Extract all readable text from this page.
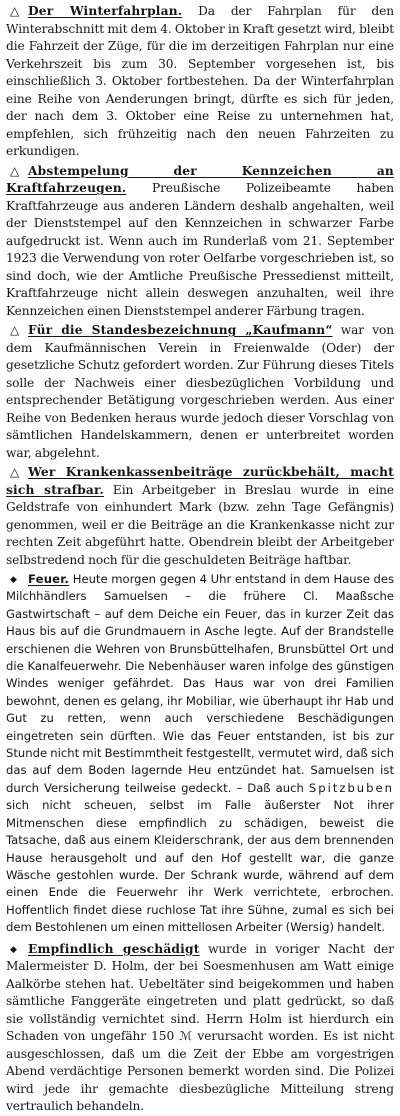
△Der Winterfahrplan. Da der Fahrplan für den Winterabschnitt mit dem 4. Oktober in Kraft gesetzt wird, bleibt die Fahrzeit der Züge, für die im derzeitigen Fahrplan nur eine Verkehrszeit bis zum 30. September vorgesehen ist, bis einschließlich 3. Oktober fortbestehen. Da der Winterfahrplan eine Reihe von Aenderungen bringt, dürfte es sich für jeden, der nach dem 3. Oktober eine Reise zu unternehmen hat, empfehlen, sich frühzeitig nach den neuen Fahrzeiten zu erkundigen.

△Abstempelung der Kennzeichen an Kraftfahrzeugen. Preußische Polizeibeamte haben Kraftfahrzeuge aus anderen Ländern deshalb angehalten, weil der Dienststempel auf den Kennzeichen in schwarzer Farbe aufgedruckt ist. Wenn auch im Runderlaß vom 21. September 1923 die Verwendung von roter Oelfarbe vorgeschrieben ist, so sind doch, wie der Amtliche Preußische Pressedienst mitteilt, Kraftfahrzeuge nicht allein deswegen anzuhalten, weil ihre Kennzeichen einen Dienststempel anderer Färbung tragen.

△Für die Standesbezeichnung „Kaufmann“ war von dem Kaufmännischen Verein in Freienwalde (Oder) der gesetzliche Schutz gefordert worden. Zur Führung dieses Titels solle der Nachweis einer diesbezüglichen Vorbildung und entsprechender Betätigung vorgeschrieben werden. Aus einer Reihe von Bedenken heraus wurde jedoch dieser Vorschlag von sämtlichen Handelskammern, denen er unterbreitet worden war, abgelehnt.

△Wer Krankenkassenbeiträge zurückbehält, macht sich strafbar. Ein Arbeitgeber in Breslau wurde in eine Geldstrafe von einhundert Mark (bzw. zehn Tage Gefängnis) genommen, weil er die Beiträge an die Krankenkasse nicht zur rechten Zeit abgeführt hatte. Obendrein bleibt der Arbeitgeber selbstredend noch für die geschuldeten Beiträge haftbar.

◆Feuer. Heute morgen gegen 4 Uhr entstand in dem Hause des Milchhändlers Samuelsen – die frühere Cl. Maaßsche Gastwirtschaft – auf dem Deiche ein Feuer, das in kurzer Zeit das Haus bis auf die Grundmauern in Asche legte. Auf der Brandstelle erschienen die Wehren von Brunsbüttelhafen, Brunsbüttel Ort und die Kanalfeuerwehr. Die Nebenhäuser waren infolge des günstigen Windes weniger gefährdet. Das Haus war von drei Familien bewohnt, denen es gelang, ihr Mobiliar, wie überhaupt ihr Hab und Gut zu retten, wenn auch verschiedene Beschädigungen eingetreten sein dürften. Wie das Feuer entstanden, ist bis zur Stunde nicht mit Bestimmtheit festgestellt, vermutet wird, daß sich das auf dem Boden lagernde Heu entzündet hat. Samuelsen ist durch Versicherung teilweise gedeckt. – Daß auch Spitzbuben sich nicht scheuen, selbst im Falle äußerster Not ihrer Mitmenschen diese empfindlich zu schädigen, beweist die Tatsache, daß aus einem Kleiderschrank, der aus dem brennenden Hause herausgeholt und auf den Hof gestellt war, die ganze Wäsche gestohlen wurde. Der Schrank wurde, während auf dem einen Ende die Feuerwehr ihr Werk verrichtete, erbrochen. Hoffentlich findet diese ruchlose Tat ihre Sühne, zumal es sich bei dem Bestohlenen um einen mittellosen Arbeiter (Wersig) handelt.

◆Empfindlich geschädigt wurde in voriger Nacht der Malermeister D. Holm, der bei Soesmenhusen am Watt einige Aalkörbe stehen hat. Uebeltäter sind beigekommen und haben sämtliche Fanggeräte eingetreten und platt gedrückt, so daß sie vollständig vernichtet sind. Herrn Holm ist hierdurch ein Schaden von ungefähr 150 ℳ verursacht worden. Es ist nicht ausgeschlossen, daß um die Zeit der Ebbe am vorgestrigen Abend verdächtige Personen bemerkt worden sind. Die Polizei wird jede ihr gemachte diesbezügliche Mitteilung streng vertraulich behandeln.
